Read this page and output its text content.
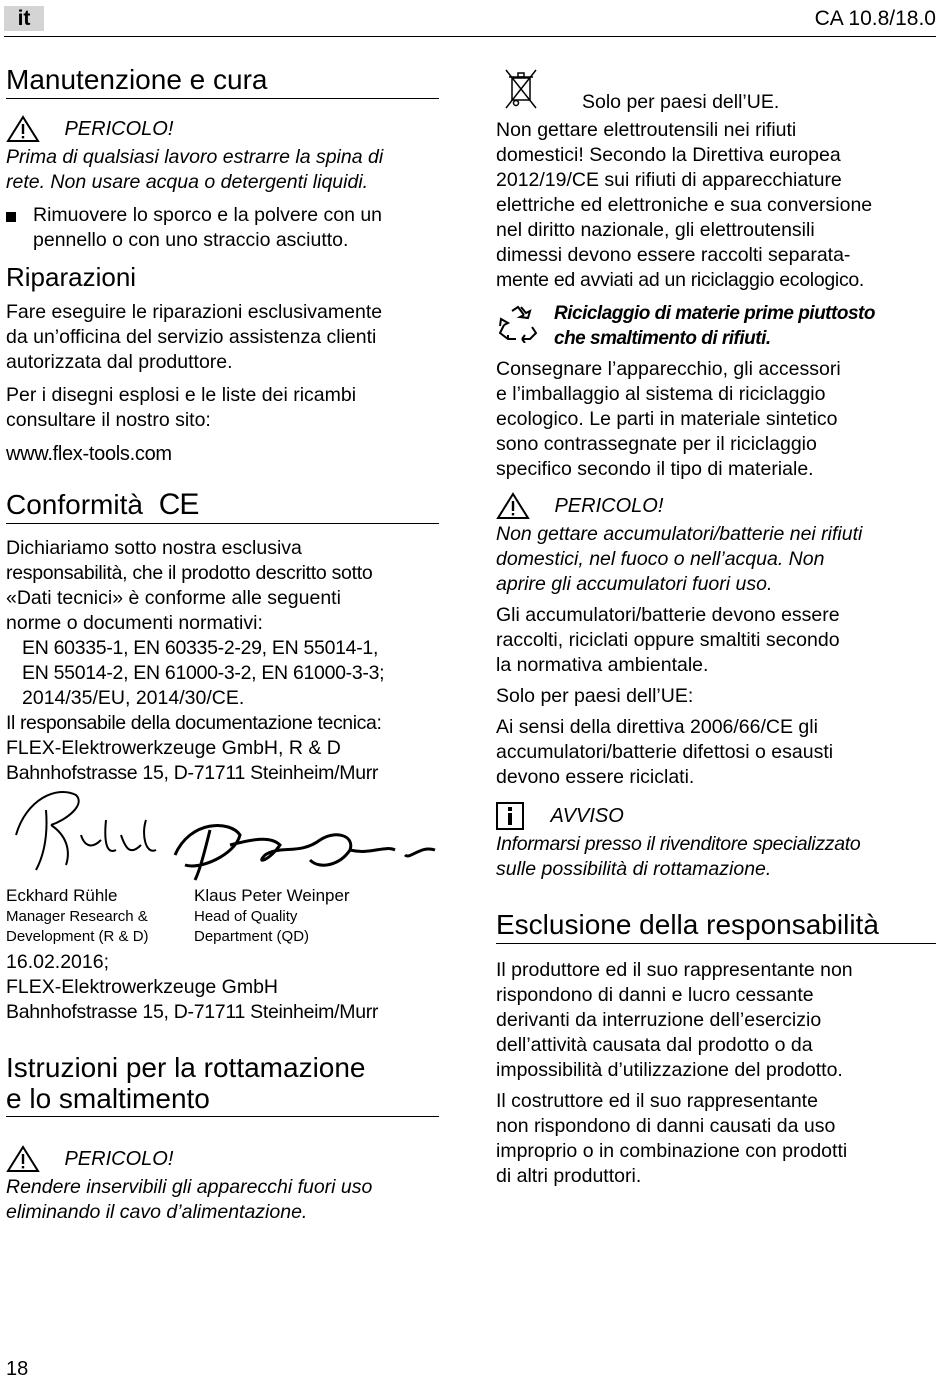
it	CA 10.8/18.0
Manutenzione e cura
PERICOLO!

Prima di qualsiasi lavoro estrarre la spina di

rete. Non usare acqua o detergenti liquidi.

Rimuovere lo sporco e la polvere con un

pennello o con uno straccio asciutto.

Riparazioni

Fare eseguire le riparazioni esclusivamente

da un’officina del servizio assistenza clienti

autorizzata dal produttore.

Per i disegni esplosi e le liste dei ricambi

consultare il nostro sito:

www.flex-tools.com

Conformità CE

Dichiariamo sotto nostra esclusiva

responsabilità, che il prodotto descritto sotto

«Dati tecnici» è conforme alle seguenti

norme o documenti normativi:

EN 60335-1, EN 60335-2-29, EN 55014-1,

EN 55014-2, EN 61000-3-2, EN 61000-3-3;

2014/35/EU, 2014/30/CE.

Il responsabile della documentazione tecnica:

FLEX-Elektrowerkzeuge GmbH, R & D

Bahnhofstrasse 15, D-71711 Steinheim/Murr

Eckhard Rühle
Manager Research &
Development (R & D)
Klaus Peter Weinper
Head of Quality
Department (QD)

16.02.2016;

FLEX-Elektrowerkzeuge GmbH

Bahnhofstrasse 15, D-71711 Steinheim/Murr

Istruzioni per la rottamazione
e lo smaltimento
PERICOLO!

Rendere inservibili gli apparecchi fuori uso

eliminando il cavo d’alimentazione.

Solo per paesi dell’UE.

Non gettare elettroutensili nei rifiuti

domestici! Secondo la Direttiva europea

2012/19/CE sui rifiuti di apparecchiature

elettriche ed elettroniche e sua conversione

nel diritto nazionale, gli elettroutensili

dimessi devono essere raccolti separata-

mente ed avviati ad un riciclaggio ecologico.

Riciclaggio di materie prime piuttosto

che smaltimento di rifiuti.

Consegnare l’apparecchio, gli accessori

e l’imballaggio al sistema di riciclaggio

ecologico. Le parti in materiale sintetico

sono contrassegnate per il riciclaggio

specifico secondo il tipo di materiale.

PERICOLO!

Non gettare accumulatori/batterie nei rifiuti

domestici, nel fuoco o nell’acqua. Non

aprire gli accumulatori fuori uso.

Gli accumulatori/batterie devono essere

raccolti, riciclati oppure smaltiti secondo

la normativa ambientale.

Solo per paesi dell’UE:

Ai sensi della direttiva 2006/66/CE gli

accumulatori/batterie difettosi o esausti

devono essere riciclati.

AVVISO

Informarsi presso il rivenditore specializzato

sulle possibilità di rottamazione.

Esclusione della responsabilità

Il produttore ed il suo rappresentante non

rispondono di danni e lucro cessante

derivanti da interruzione dell’esercizio

dell’attività causata dal prodotto o da

impossibilità d’utilizzazione del prodotto.

Il costruttore ed il suo rappresentante

non rispondono di danni causati da uso

improprio o in combinazione con prodotti

di altri produttori.

18
